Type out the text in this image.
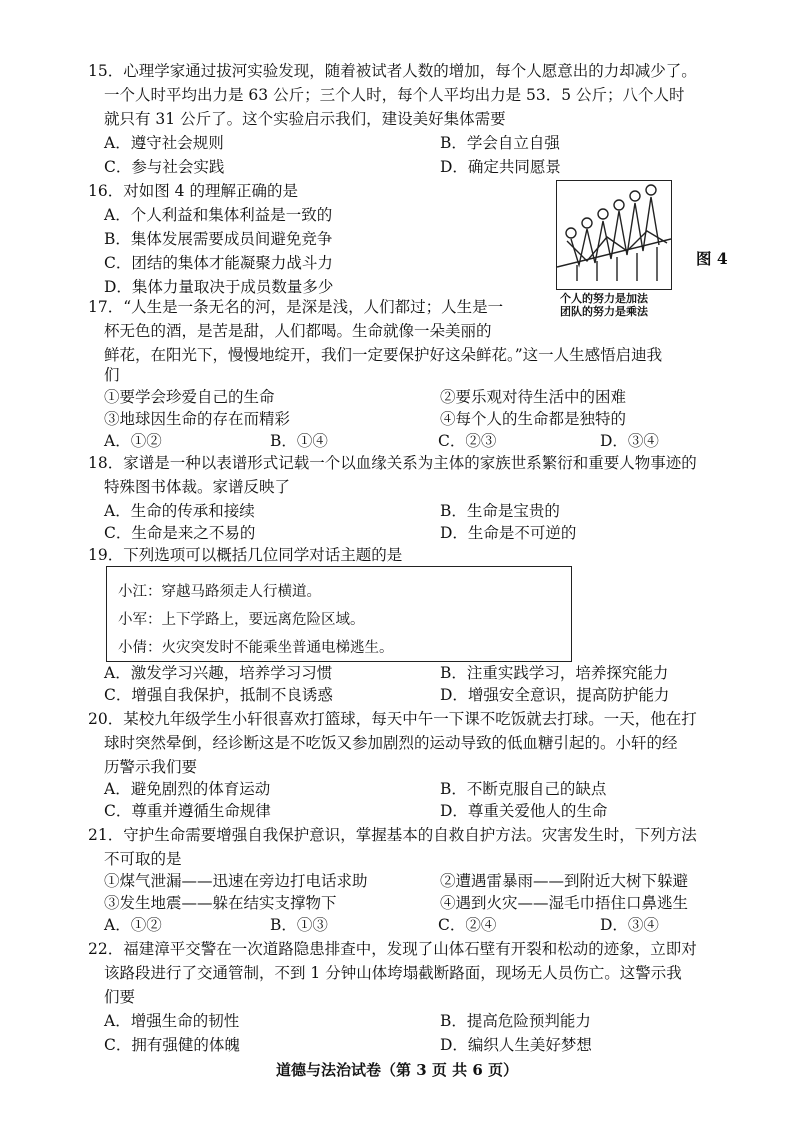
15．心理学家通过拔河实验发现，随着被试者人数的增加，每个人愿意出的力却减少了。
一个人时平均出力是 63 公斤；三个人时，每个人平均出力是 53．5 公斤；八个人时
就只有 31 公斤了。这个实验启示我们，建设美好集体需要
A．遵守社会规则	B．学会自立自强
C．参与社会实践	D．确定共同愿景
16．对如图 4 的理解正确的是
A．个人利益和集体利益是一致的
B．集体发展需要成员间避免竞争
C．团结的集体才能凝聚力战斗力
D．集体力量取决于成员数量多少
个人的努力是加法
团队的努力是乘法
图 4
17．“人生是一条无名的河，是深是浅，人们都过；人生是一
杯无色的酒，是苦是甜，人们都喝。生命就像一朵美丽的
鲜花，在阳光下，慢慢地绽开，我们一定要保护好这朵鲜花。”这一人生感悟启迪我
们
①要学会珍爱自己的生命	②要乐观对待生活中的困难
③地球因生命的存在而精彩	④每个人的生命都是独特的
A．①②	B．①④	C．②③	D．③④
18．家谱是一种以表谱形式记载一个以血缘关系为主体的家族世系繁衍和重要人物事迹的
特殊图书体裁。家谱反映了
A．生命的传承和接续	B．生命是宝贵的
C．生命是来之不易的	D．生命是不可逆的
19．下列选项可以概括几位同学对话主题的是
小江：穿越马路须走人行横道。
小军：上下学路上，要远离危险区域。
小倩：火灾突发时不能乘坐普通电梯逃生。
A．激发学习兴趣，培养学习习惯	B．注重实践学习，培养探究能力
C．增强自我保护，抵制不良诱惑	D．增强安全意识，提高防护能力
20．某校九年级学生小轩很喜欢打篮球，每天中午一下课不吃饭就去打球。一天，他在打
球时突然晕倒，经诊断这是不吃饭又参加剧烈的运动导致的低血糖引起的。小轩的经
历警示我们要
A．避免剧烈的体育运动	B．不断克服自己的缺点
C．尊重并遵循生命规律	D．尊重关爱他人的生命
21．守护生命需要增强自我保护意识，掌握基本的自救自护方法。灾害发生时，下列方法
不可取的是
①煤气泄漏——迅速在旁边打电话求助	②遭遇雷暴雨——到附近大树下躲避
③发生地震——躲在结实支撑物下	④遇到火灾——湿毛巾捂住口鼻逃生
A．①②	B．①③	C．②④	D．③④
22．福建漳平交警在一次道路隐患排查中，发现了山体石壁有开裂和松动的迹象，立即对
该路段进行了交通管制，不到 1 分钟山体垮塌截断路面，现场无人员伤亡。这警示我
们要
A．增强生命的韧性	B．提高危险预判能力
C．拥有强健的体魄	D．编织人生美好梦想
道德与法治试卷（第 3 页 共 6 页）
